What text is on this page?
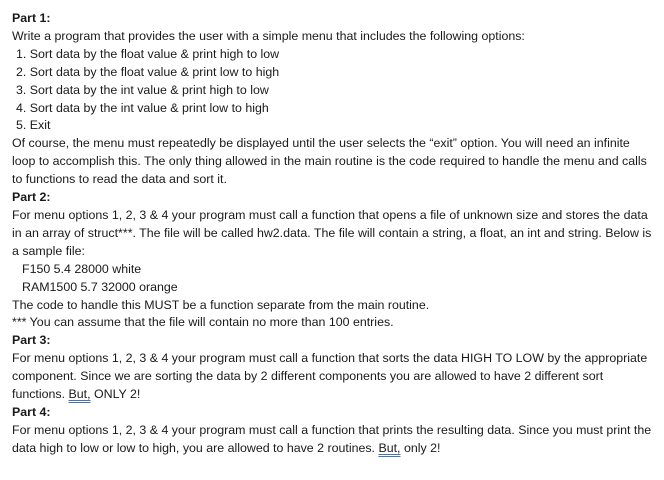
Part 1:

Write a program that provides the user with a simple menu that includes the following options:

1. Sort data by the float value & print high to low
2. Sort data by the float value & print low to high
3. Sort data by the int value & print high to low
4. Sort data by the int value & print low to high
5. Exit

Of course, the menu must repeatedly be displayed until the user selects the “exit” option. You will need an infinite loop to accomplish this. The only thing allowed in the main routine is the code required to handle the menu and calls to functions to read the data and sort it.

Part 2:

For menu options 1, 2, 3 & 4 your program must call a function that opens a file of unknown size and stores the data in an array of struct***. The file will be called hw2.data. The file will contain a string, a float, an int and string. Below is a sample file:

F150 5.4 28000 white
RAM1500 5.7 32000 orange

The code to handle this MUST be a function separate from the main routine.

*** You can assume that the file will contain no more than 100 entries.

Part 3:

For menu options 1, 2, 3 & 4 your program must call a function that sorts the data HIGH TO LOW by the appropriate component. Since we are sorting the data by 2 different components you are allowed to have 2 different sort functions. But, ONLY 2!

Part 4:

For menu options 1, 2, 3 & 4 your program must call a function that prints the resulting data. Since you must print the data high to low or low to high, you are allowed to have 2 routines. But, only 2!
